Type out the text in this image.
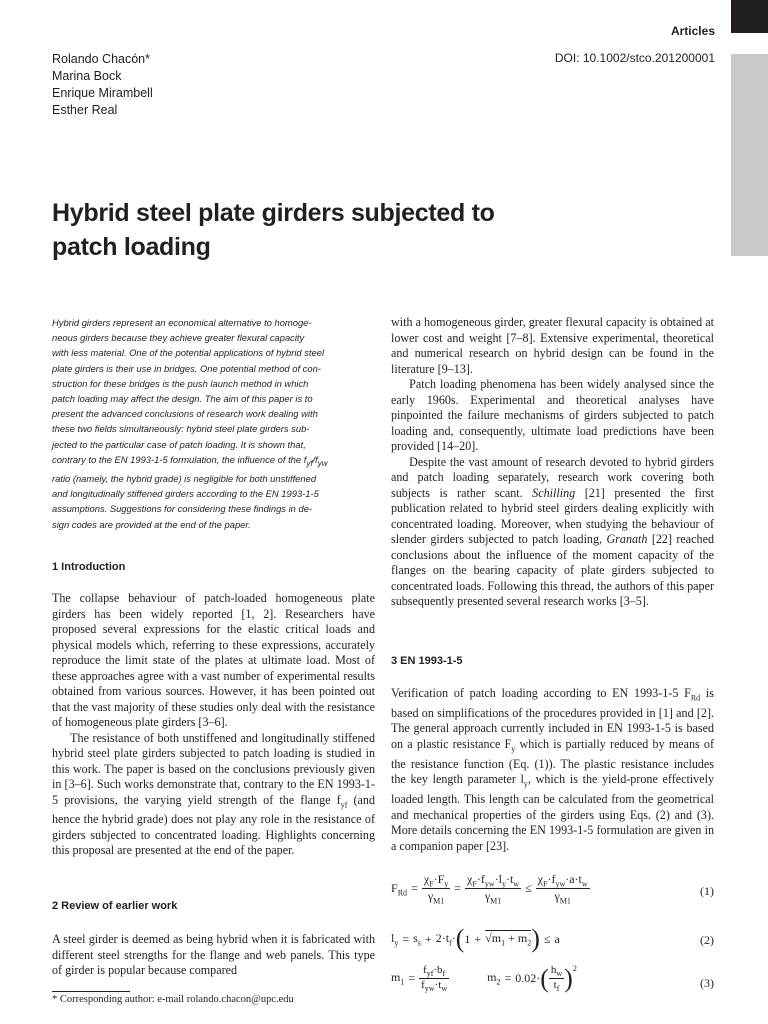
Articles
DOI: 10.1002/stco.201200001
Rolando Chacón*
Marina Bock
Enrique Mirambell
Esther Real
Hybrid steel plate girders subjected to
patch loading
Hybrid girders represent an economical alternative to homoge-
neous girders because they achieve greater flexural capacity
with less material. One of the potential applications of hybrid steel
plate girders is their use in bridges. One potential method of con-
struction for these bridges is the push launch method in which
patch loading may affect the design. The aim of this paper is to
present the advanced conclusions of research work dealing with
these two fields simultaneously: hybrid steel plate girders sub-
jected to the particular case of patch loading. It is shown that,
contrary to the EN 1993-1-5 formulation, the influence of the $f_{yf}/f_{yw}$
ratio (namely, the hybrid grade) is negligible for both unstiffened
and longitudinally stiffened girders according to the EN 1993-1-5
assumptions. Suggestions for considering these findings in de-
sign codes are provided at the end of the paper.
1 Introduction

The collapse behaviour of patch-loaded homogeneous plate girders has been widely reported [1, 2]. Researchers have proposed several expressions for the elastic critical loads and physical models which, referring to these expressions, accurately reproduce the limit state of the plates at ultimate load. Most of these approaches agree with a vast number of experimental results obtained from various sources. However, it has been pointed out that the vast majority of these studies only deal with the resistance of homogeneous plate girders [3–6].

The resistance of both unstiffened and longitudinally stiffened hybrid steel plate girders subjected to patch loading is studied in this work. The paper is based on the conclusions previously given in [3–6]. Such works demonstrate that, contrary to the EN 1993-1-5 provisions, the varying yield strength of the flange $f_{yf}$ (and hence the hybrid grade) does not play any role in the resistance of girders subjected to concentrated loading. Highlights concerning this proposal are presented at the end of the paper.

2 Review of earlier work

A steel girder is deemed as being hybrid when it is fabricated with different steel strengths for the flange and web panels. This type of girder is popular because compared

* Corresponding author: e-mail rolando.chacon@upc.edu

with a homogeneous girder, greater flexural capacity is obtained at lower cost and weight [7–8]. Extensive experimental, theoretical and numerical research on hybrid design can be found in the literature [9–13].

Patch loading phenomena has been widely analysed since the early 1960s. Experimental and theoretical analyses have pinpointed the failure mechanisms of girders subjected to patch loading and, consequently, ultimate load predictions have been provided [14–20].

Despite the vast amount of research devoted to hybrid girders and patch loading separately, research work covering both subjects is rather scant. Schilling [21] presented the first publication related to hybrid steel girders dealing explicitly with concentrated loading. Moreover, when studying the behaviour of slender girders subjected to patch loading, Granath [22] reached conclusions about the influence of the moment capacity of the flanges on the bearing capacity of plate girders subjected to concentrated loads. Following this thread, the authors of this paper subsequently presented several research works [3–5].

3 EN 1993-1-5

Verification of patch loading according to EN 1993-1-5 $F_{Rd}$ is based on simplifications of the procedures provided in [1] and [2]. The general approach currently included in EN 1993-1-5 is based on a plastic resistance $F_y$ which is partially reduced by means of the resistance function (Eq. (1)). The plastic resistance includes the key length parameter $l_y$, which is the yield-prone effectively loaded length. This length can be calculated from the geometrical and mechanical properties of the girders using Eqs. (2) and (3). More details concerning the EN 1993-1-5 formulation are given in a companion paper [23].

$F_{Rd} = \frac{\chi_F\cdot F_y}{\gamma_{M1}} = \frac{\chi_F\cdot f_{yw}\cdot l_y\cdot t_w}{\gamma_{M1}} \le \frac{\chi_F\cdot f_{yw}\cdot a\cdot t_w}{\gamma_{M1}}$	(1)
$l_y = s_s + 2\cdot t_f\cdot$ ( $1 + √m_1 + m_2$ ) ≤ a	(2)
$m_1 = \frac{f_{yf}\cdot b_f}{f_{yw}\cdot t_w}$	$m_2 = 0.02\cdot$ ( $\frac{h_w}{t_f} )^2$
(3)
